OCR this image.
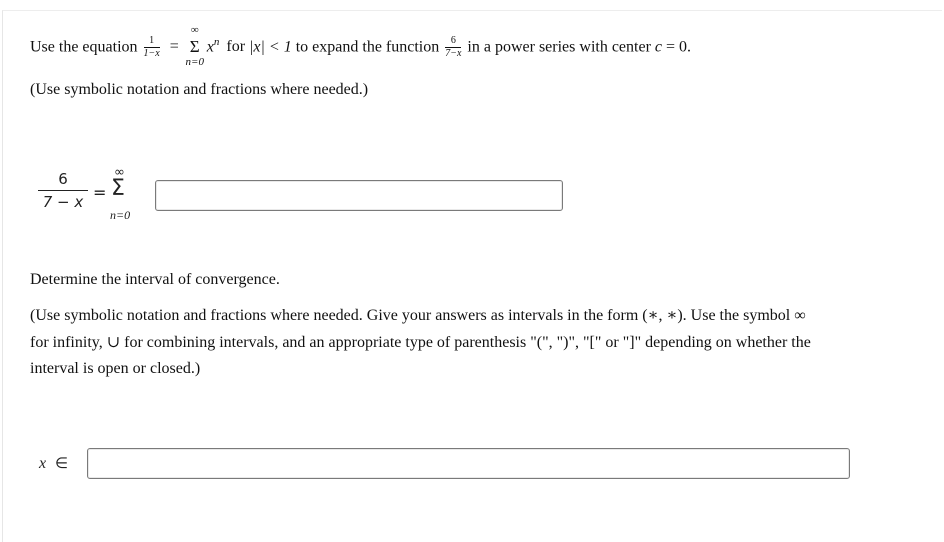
Use the equation $\frac{1}{1-x}$ =
∞
Σ
n=0
$x^n$ for |x| < 1 to expand the function $\frac{6}{7-x}$ in a power series with center c = 0.
(Use symbolic notation and fractions where needed.)
6
7 − x =
∞
Σ
n=0
Determine the interval of convergence.
(Use symbolic notation and fractions where needed. Give your answers as intervals in the form (∗, ∗). Use the symbol ∞
for infinity, ∪ for combining intervals, and an appropriate type of parenthesis "(", ")", "[" or "]" depending on whether the
interval is open or closed.)
x ∈
